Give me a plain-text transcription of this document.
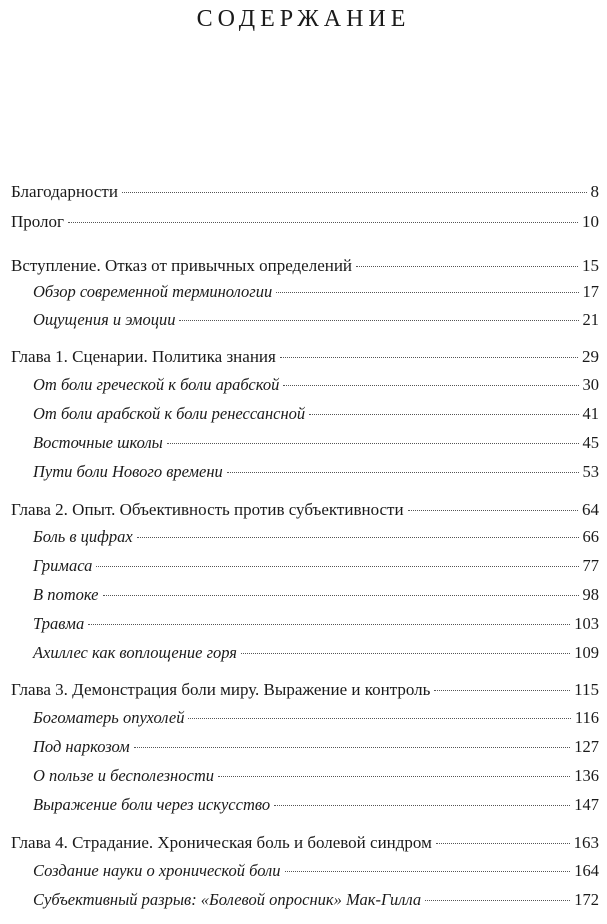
СОДЕРЖАНИЕ
Благодарности	8
Пролог	10
Вступление. Отказ от привычных определений	15
Обзор современной терминологии	17
Ощущения и эмоции	21
Глава 1. Сценарии. Политика знания	29
От боли греческой к боли арабской	30
От боли арабской к боли ренессансной	41
Восточные школы	45
Пути боли Нового времени	53
Глава 2. Опыт. Объективность против субъективности	64
Боль в цифрах	66
Гримаса	77
В потоке	98
Травма	103
Ахиллес как воплощение горя	109
Глава 3. Демонстрация боли миру. Выражение и контроль	115
Богоматерь опухолей	116
Под наркозом	127
О пользе и бесполезности	136
Выражение боли через искусство	147
Глава 4. Страдание. Хроническая боль и болевой синдром	163
Создание науки о хронической боли	164
Субъективный разрыв: «Болевой опросник» Мак-Гилла	172
